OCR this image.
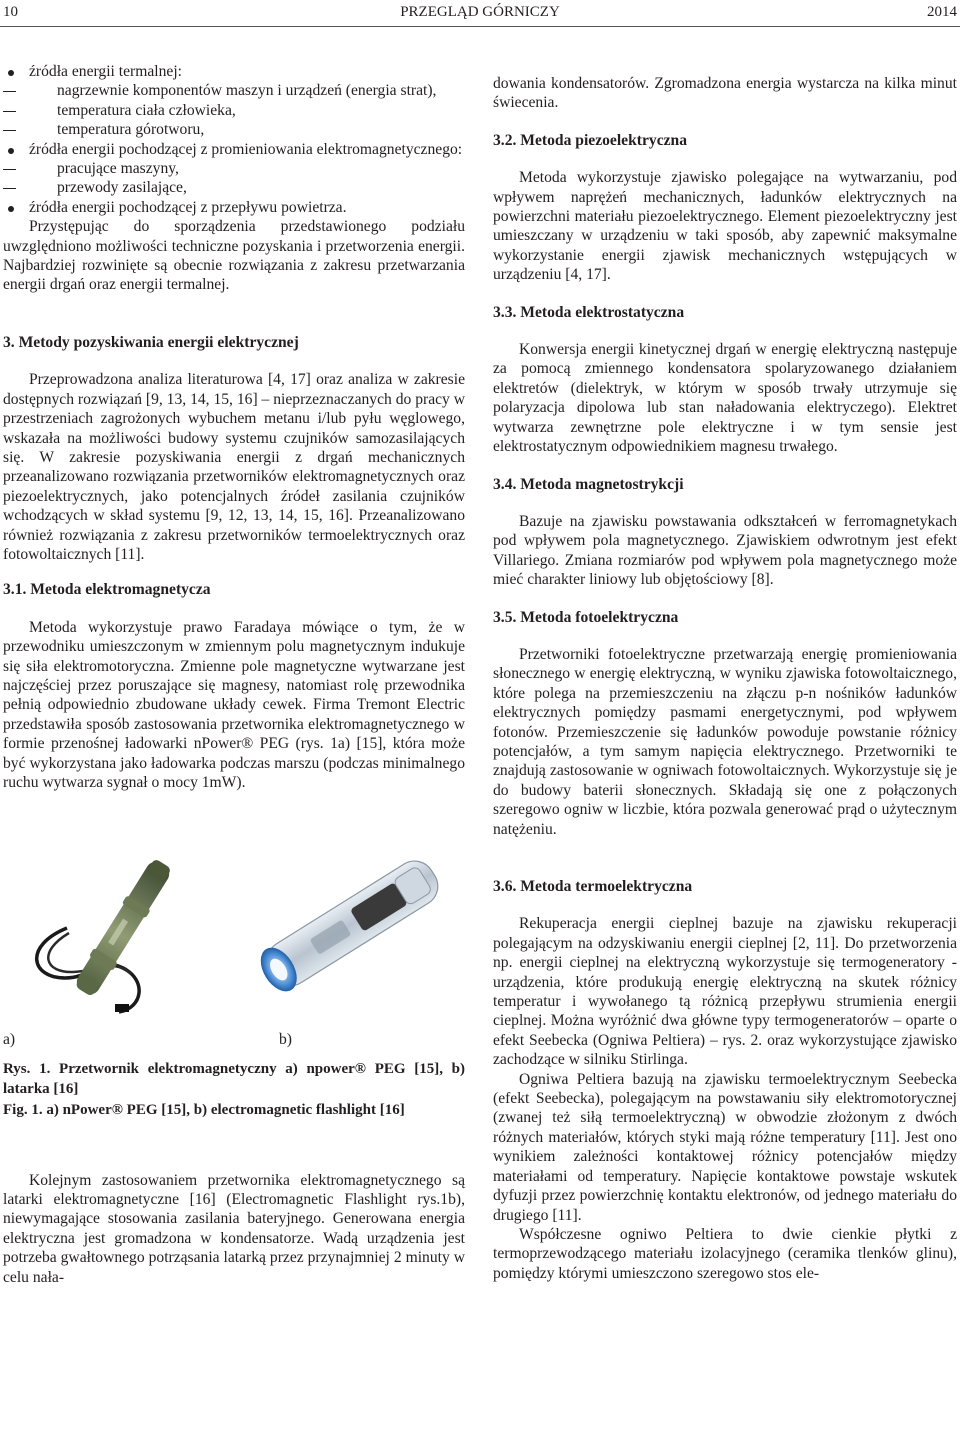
10	PRZEGLĄD GÓRNICZY	2014
źródła energii termalnej:
nagrzewnie komponentów maszyn i urządzeń (energia strat),
temperatura ciała człowieka,
temperatura górotworu,
źródła energii pochodzącej z promieniowania elektromagnetycznego:
pracujące maszyny,
przewody zasilające,
źródła energii pochodzącej z przepływu powietrza.

Przystępując do sporządzenia przedstawionego podziału uwzględniono możliwości techniczne pozyskania i przetworzenia energii. Najbardziej rozwinięte są obecnie rozwiązania z zakresu przetwarzania energii drgań oraz energii termalnej.

3. Metody pozyskiwania energii elektrycznej

Przeprowadzona analiza literaturowa [4, 17] oraz analiza w zakresie dostępnych rozwiązań [9, 13, 14, 15, 16] – nieprzeznaczanych do pracy w przestrzeniach zagrożonych wybuchem metanu i/lub pyłu węglowego, wskazała na możliwości budowy systemu czujników samozasilających się. W zakresie pozyskiwania energii z drgań mechanicznych przeanalizowano rozwiązania przetworników elektromagnetycznych oraz piezoelektrycznych, jako potencjalnych źródeł zasilania czujników wchodzących w skład systemu [9, 12, 13, 14, 15, 16]. Przeanalizowano również rozwiązania z zakresu przetworników termoelektrycznych oraz fotowoltaicznych [11].

3.1. Metoda elektromagnetycza

Metoda wykorzystuje prawo Faradaya mówiące o tym, że w przewodniku umieszczonym w zmiennym polu magnetycznym indukuje się siła elektromotoryczna. Zmienne pole magnetyczne wytwarzane jest najczęściej przez poruszające się magnesy, natomiast rolę przewodnika pełnią odpowiednio zbudowane układy cewek. Firma Tremont Electric przedstawiła sposób zastosowania przetwornika elektromagnetycznego w formie przenośnej ładowarki nPower® PEG (rys. 1a) [15], która może być wykorzystana jako ładowarka podczas marszu (podczas minimalnego ruchu wytwarza sygnał o mocy 1mW).

a)	b)
Rys. 1. Przetwornik elektromagnetyczny a) npower® PEG [15], b) latarka [16]
Fig. 1. a) nPower® PEG [15], b) electromagnetic flashlight [16]

Kolejnym zastosowaniem przetwornika elektromagnetycznego są latarki elektromagnetyczne [16] (Electromagnetic Flashlight rys.1b), niewymagające stosowania zasilania bateryjnego. Generowana energia elektryczna jest gromadzona w kondensatorze. Wadą urządzenia jest potrzeba gwałtownego potrząsania latarką przez przynajmniej 2 minuty w celu nała-

dowania kondensatorów. Zgromadzona energia wystarcza na kilka minut świecenia.

3.2. Metoda piezoelektryczna

Metoda wykorzystuje zjawisko polegające na wytwarzaniu, pod wpływem naprężeń mechanicznych, ładunków elektrycznych na powierzchni materiału piezoelektrycznego. Element piezoelektryczny jest umieszczany w urządzeniu w taki sposób, aby zapewnić maksymalne wykorzystanie energii zjawisk mechanicznych wstępujących w urządzeniu [4, 17].

3.3. Metoda elektrostatyczna

Konwersja energii kinetycznej drgań w energię elektryczną następuje za pomocą zmiennego kondensatora spolaryzowanego działaniem elektretów (dielektryk, w którym w sposób trwały utrzymuje się polaryzacja dipolowa lub stan naładowania elektryczego). Elektret wytwarza zewnętrzne pole elektryczne i w tym sensie jest elektrostatycznym odpowiednikiem magnesu trwałego.

3.4. Metoda magnetostrykcji

Bazuje na zjawisku powstawania odkształceń w ferromagnetykach pod wpływem pola magnetycznego. Zjawiskiem odwrotnym jest efekt Villariego. Zmiana rozmiarów pod wpływem pola magnetycznego może mieć charakter liniowy lub objętościowy [8].

3.5. Metoda fotoelektryczna

Przetworniki fotoelektryczne przetwarzają energię promieniowania słonecznego w energię elektryczną, w wyniku zjawiska fotowoltaicznego, które polega na przemieszczeniu na złączu p-n nośników ładunków elektrycznych pomiędzy pasmami energetycznymi, pod wpływem fotonów. Przemieszczenie się ładunków powoduje powstanie różnicy potencjałów, a tym samym napięcia elektrycznego. Przetworniki te znajdują zastosowanie w ogniwach fotowoltaicznych. Wykorzystuje się je do budowy baterii słonecznych. Składają się one z połączonych szeregowo ogniw w liczbie, która pozwala generować prąd o użytecznym natężeniu.

3.6. Metoda termoelektryczna

Rekuperacja energii cieplnej bazuje na zjawisku rekuperacji polegającym na odzyskiwaniu energii cieplnej [2, 11]. Do przetworzenia np. energii cieplnej na elektryczną wykorzystuje się termogeneratory - urządzenia, które produkują energię elektryczną na skutek różnicy temperatur i wywołanego tą różnicą przepływu strumienia energii cieplnej. Można wyróżnić dwa główne typy termogeneratorów – oparte o efekt Seebecka (Ogniwa Peltiera) – rys. 2. oraz wykorzystujące zjawisko zachodzące w silniku Stirlinga.

Ogniwa Peltiera bazują na zjawisku termoelektrycznym Seebecka (efekt Seebecka), polegającym na powstawaniu siły elektromotorycznej (zwanej też siłą termoelektryczną) w obwodzie złożonym z dwóch różnych materiałów, których styki mają różne temperatury [11]. Jest ono wynikiem zależności kontaktowej różnicy potencjałów między materiałami od temperatury. Napięcie kontaktowe powstaje wskutek dyfuzji przez powierzchnię kontaktu elektronów, od jednego materiału do drugiego [11].

Współczesne ogniwo Peltiera to dwie cienkie płytki z termoprzewodzącego materiału izolacyjnego (ceramika tlenków glinu), pomiędzy którymi umieszczono szeregowo stos ele-
